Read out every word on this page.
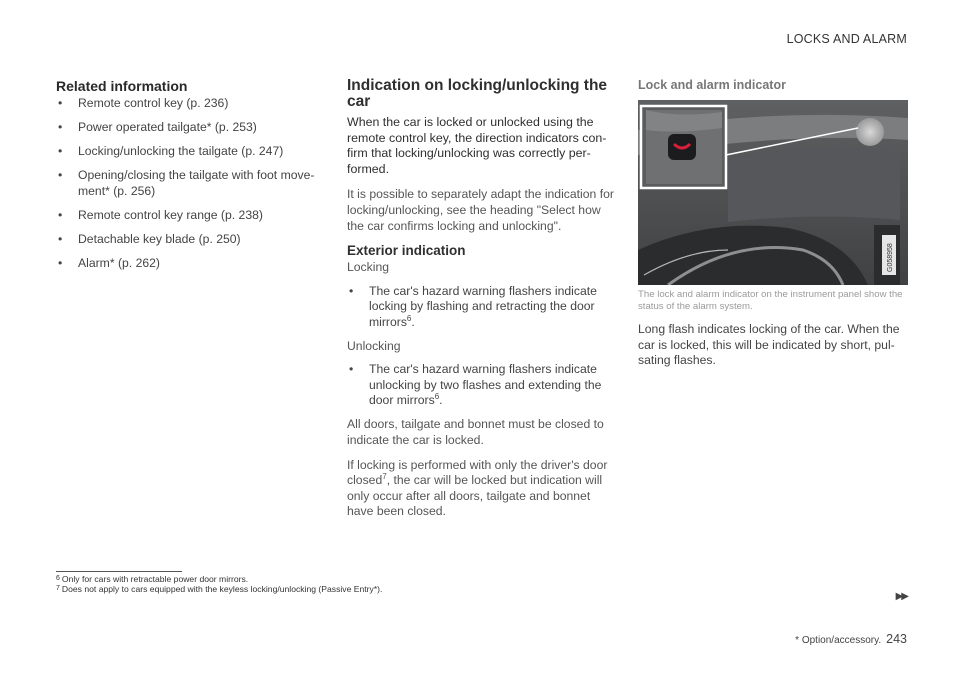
LOCKS AND ALARM
Related information
• Remote control key (p. 236)
• Power operated tailgate* (p. 253)
• Locking/unlocking the tailgate (p. 247)
• Opening/closing the tailgate with foot move-ment* (p. 256)
• Remote control key range (p. 238)
• Detachable key blade (p. 250)
• Alarm* (p. 262)
Indication on locking/unlocking the car

When the car is locked or unlocked using the remote control key, the direction indicators con-firm that locking/unlocking was correctly per-formed.

It is possible to separately adapt the indication for locking/unlocking, see the heading "Select how the car confirms locking and unlocking".

Exterior indication

Locking

• The car's hazard warning flashers indicate locking by flashing and retracting the door mirrors$^6$.

Unlocking

• The car's hazard warning flashers indicate unlocking by two flashes and extending the door mirrors$^6$.

All doors, tailgate and bonnet must be closed to indicate the car is locked.

If locking is performed with only the driver's door closed$^7$, the car will be locked but indication will only occur after all doors, tailgate and bonnet have been closed.

Lock and alarm indicator
G058958
The lock and alarm indicator on the instrument panel show the status of the alarm system.

Long flash indicates locking of the car. When the car is locked, this will be indicated by short, pul-sating flashes.

$^6$ Only for cars with retractable power door mirrors.
$^7$ Does not apply to cars equipped with the keyless locking/unlocking (Passive Entry*).
▶▶
* Option/accessory. 243
